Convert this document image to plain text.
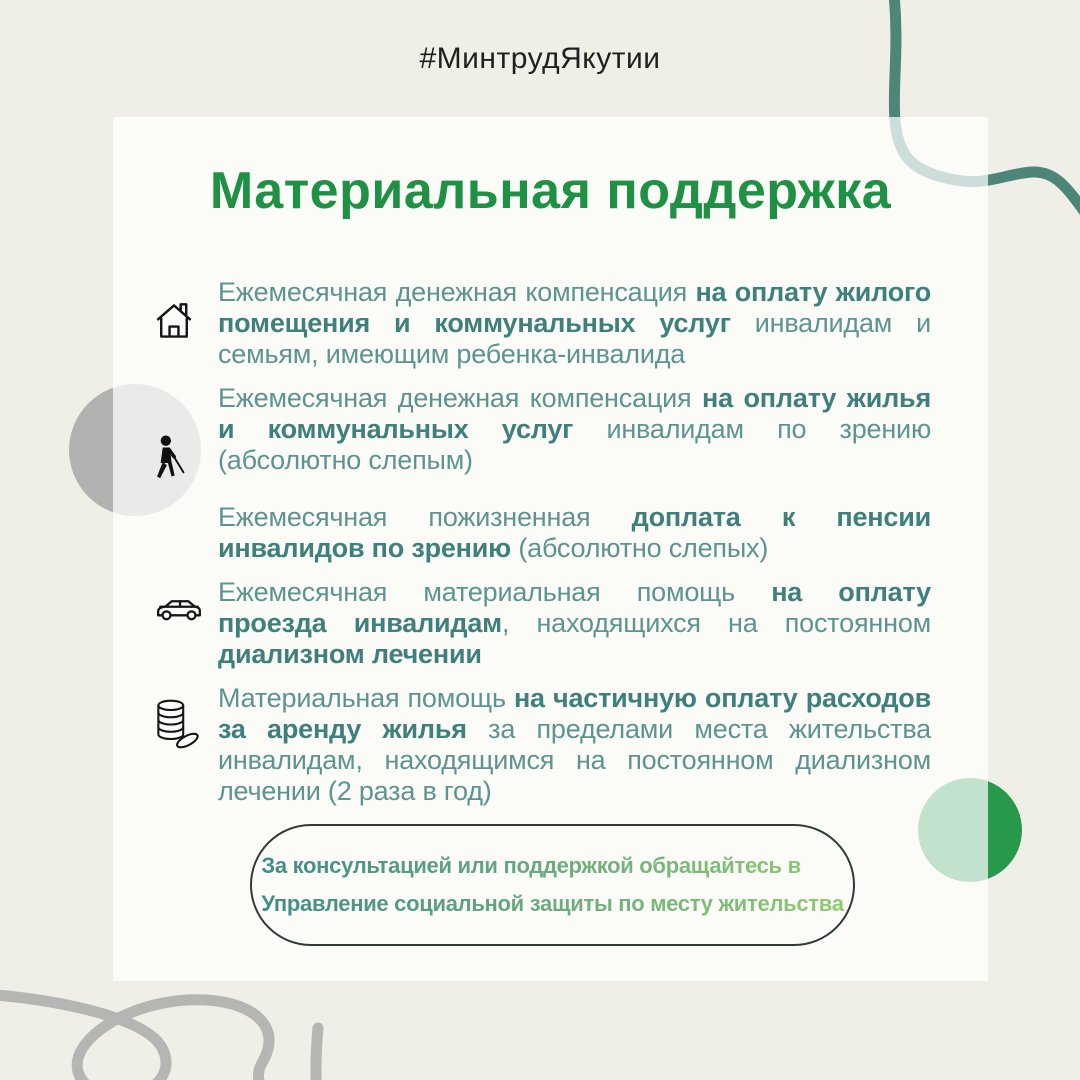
#МинтрудЯкутии
Материальная поддержка
Ежемесячная денежная компенсация на оплату жилого помещения и коммунальных услуг инвалидам и семьям, имеющим ребенка-инвалида
Ежемесячная денежная компенсация на оплату жилья и коммунальных услуг инвалидам по зрению (абсолютно слепым)
Ежемесячная пожизненная доплата к пенсии инвалидов по зрению (абсолютно слепых)
Ежемесячная материальная помощь на оплату проезда инвалидам, находящихся на постоянном диализном лечении
Материальная помощь на частичную оплату расходов за аренду жилья за пределами места жительства инвалидам, находящимся на постоянном диализном лечении (2 раза в год)
За консультацией или поддержкой обращайтесь в
Управление социальной защиты по месту жительства
